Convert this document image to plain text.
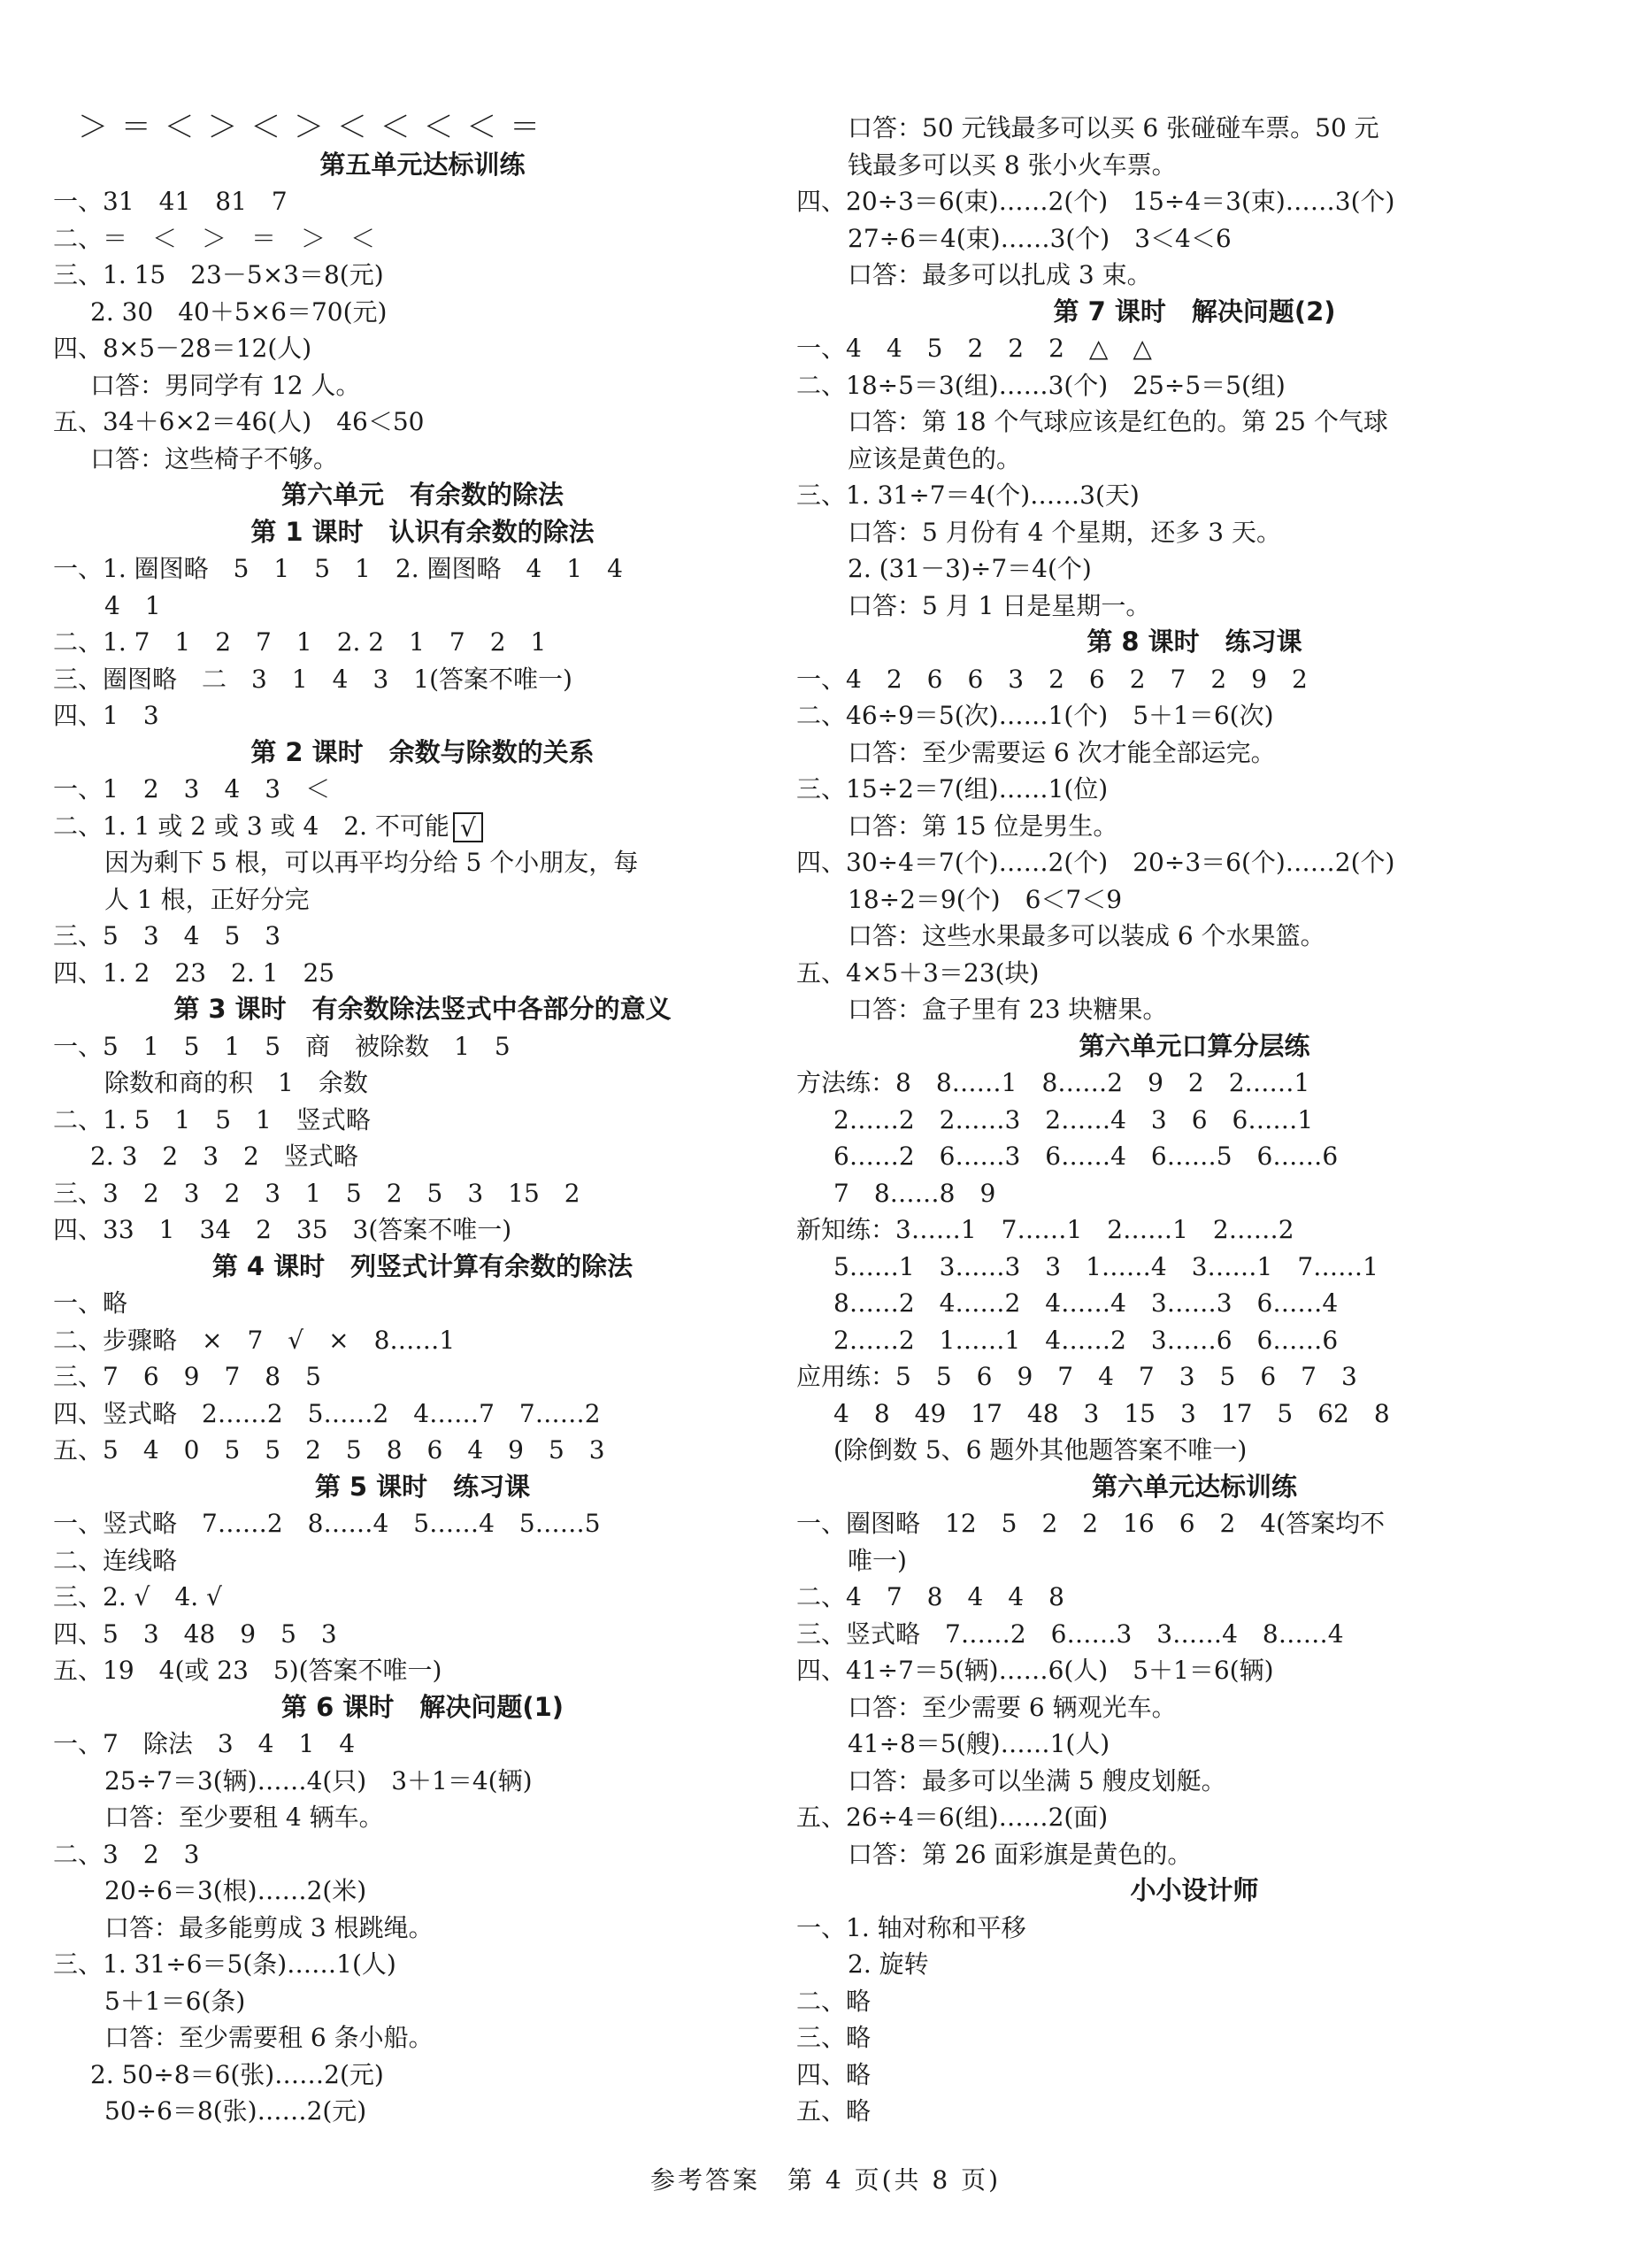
＞ ＝ ＜ ＞ ＜ ＞ ＜ ＜ ＜ ＜ ＝
第五单元达标训练
一、31　41　81　7
二、＝　＜　＞　＝　＞　＜
三、1. 15　23－5×3＝8(元)
2. 30　40＋5×6＝70(元)
四、8×5－28＝12(人)
口答：男同学有 12 人。
五、34＋6×2＝46(人)　46＜50
口答：这些椅子不够。
第六单元　有余数的除法
第 1 课时　认识有余数的除法
一、1. 圈图略　5　1　5　1　2. 圈图略　4　1　4
4　1
二、1. 7　1　2　7　1　2. 2　1　7　2　1
三、圈图略　二　3　1　4　3　1(答案不唯一)
四、1　3
第 2 课时　余数与除数的关系
一、1　2　3　4　3　＜
二、1. 1 或 2 或 3 或 4　2. 不可能 √
因为剩下 5 根，可以再平均分给 5 个小朋友，每
人 1 根，正好分完
三、5　3　4　5　3
四、1. 2　23　2. 1　25
第 3 课时　有余数除法竖式中各部分的意义
一、5　1　5　1　5　商　被除数　1　5
除数和商的积　1　余数
二、1. 5　1　5　1　竖式略
2. 3　2　3　2　竖式略
三、3　2　3　2　3　1　5　2　5　3　15　2
四、33　1　34　2　35　3(答案不唯一)
第 4 课时　列竖式计算有余数的除法
一、略
二、步骤略　×　7　√　×　8……1
三、7　6　9　7　8　5
四、竖式略　2……2　5……2　4……7　7……2
五、5　4　0　5　5　2　5　8　6　4　9　5　3
第 5 课时　练习课
一、竖式略　7……2　8……4　5……4　5……5
二、连线略
三、2. √　4. √
四、5　3　48　9　5　3
五、19　4(或 23　5)(答案不唯一)
第 6 课时　解决问题(1)
一、7　除法　3　4　1　4
25÷7＝3(辆)……4(只)　3＋1＝4(辆)
口答：至少要租 4 辆车。
二、3　2　3
20÷6＝3(根)……2(米)
口答：最多能剪成 3 根跳绳。
三、1. 31÷6＝5(条)……1(人)
5＋1＝6(条)
口答：至少需要租 6 条小船。
2. 50÷8＝6(张)……2(元)
50÷6＝8(张)……2(元)
口答：50 元钱最多可以买 6 张碰碰车票。50 元
钱最多可以买 8 张小火车票。
四、20÷3＝6(束)……2(个)　15÷4＝3(束)……3(个)
27÷6＝4(束)……3(个)　3＜4＜6
口答：最多可以扎成 3 束。
第 7 课时　解决问题(2)
一、4　4　5　2　2　2　△　△
二、18÷5＝3(组)……3(个)　25÷5＝5(组)
口答：第 18 个气球应该是红色的。第 25 个气球
应该是黄色的。
三、1. 31÷7＝4(个)……3(天)
口答：5 月份有 4 个星期，还多 3 天。
2. (31－3)÷7＝4(个)
口答：5 月 1 日是星期一。
第 8 课时　练习课
一、4　2　6　6　3　2　6　2　7　2　9　2
二、46÷9＝5(次)……1(个)　5＋1＝6(次)
口答：至少需要运 6 次才能全部运完。
三、15÷2＝7(组)……1(位)
口答：第 15 位是男生。
四、30÷4＝7(个)……2(个)　20÷3＝6(个)……2(个)
18÷2＝9(个)　6＜7＜9
口答：这些水果最多可以装成 6 个水果篮。
五、4×5＋3＝23(块)
口答：盒子里有 23 块糖果。
第六单元口算分层练
方法练：8　8……1　8……2　9　2　2……1
2……2　2……3　2……4　3　6　6……1
6……2　6……3　6……4　6……5　6……6
7　8……8　9
新知练：3……1　7……1　2……1　2……2
5……1　3……3　3　1……4　3……1　7……1
8……2　4……2　4……4　3……3　6……4
2……2　1……1　4……2　3……6　6……6
应用练：5　5　6　9　7　4　7　3　5　6　7　3
4　8　49　17　48　3　15　3　17　5　62　8
(除倒数 5、6 题外其他题答案不唯一)
第六单元达标训练
一、圈图略　12　5　2　2　16　6　2　4(答案均不
唯一)
二、4　7　8　4　4　8
三、竖式略　7……2　6……3　3……4　8……4
四、41÷7＝5(辆)……6(人)　5＋1＝6(辆)
口答：至少需要 6 辆观光车。
41÷8＝5(艘)……1(人)
口答：最多可以坐满 5 艘皮划艇。
五、26÷4＝6(组)……2(面)
口答：第 26 面彩旗是黄色的。
小小设计师
一、1. 轴对称和平移
2. 旋转
二、略
三、略
四、略
五、略
参考答案　第 4 页(共 8 页)
